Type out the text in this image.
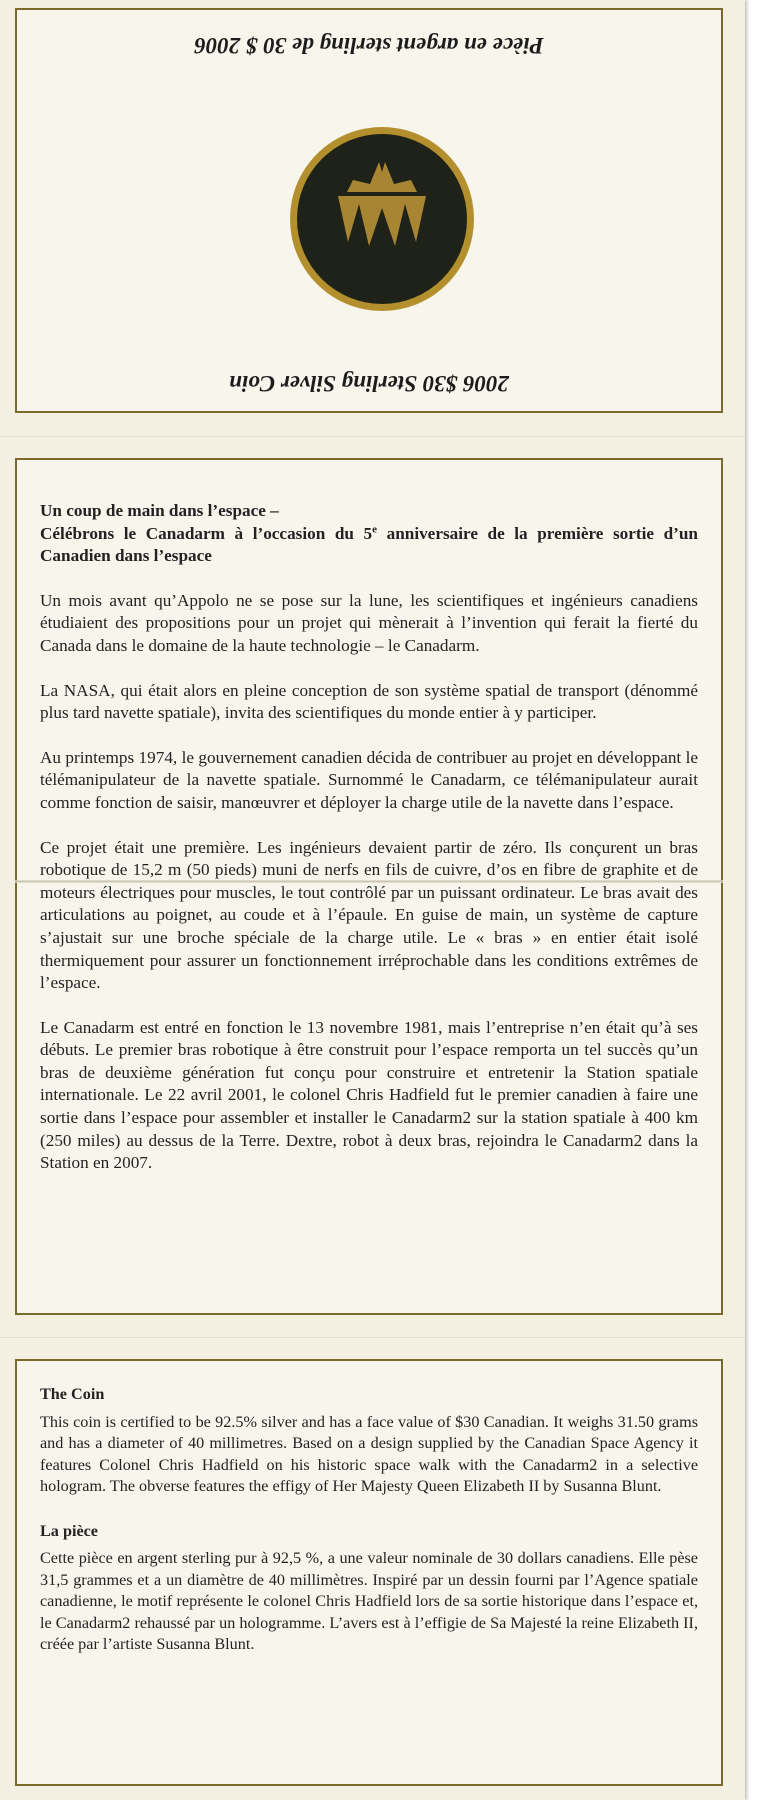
Pièce en argent sterling de 30 $ 2006
2006 $30 Sterling Silver Coin
Un coup de main dans l’espace –
Célébrons le Canadarm à l’occasion du 5e anniversaire de la première sortie d’un Canadien dans l’espace

Un mois avant qu’Appolo ne se pose sur la lune, les scientifiques et ingénieurs canadiens étudiaient des propositions pour un projet qui mènerait à l’invention qui ferait la fierté du Canada dans le domaine de la haute technologie – le Canadarm.

La NASA, qui était alors en pleine conception de son système spatial de transport (dénommé plus tard navette spatiale), invita des scientifiques du monde entier à y participer.

Au printemps 1974, le gouvernement canadien décida de contribuer au projet en développant le télémanipulateur de la navette spatiale. Surnommé le Canadarm, ce télémanipulateur aurait comme fonction de saisir, manœuvrer et déployer la charge utile de la navette dans l’espace.

Ce projet était une première. Les ingénieurs devaient partir de zéro. Ils conçurent un bras robotique de 15,2 m (50 pieds) muni de nerfs en fils de cuivre, d’os en fibre de graphite et de moteurs électriques pour muscles, le tout contrôlé par un puissant ordinateur. Le bras avait des articulations au poignet, au coude et à l’épaule. En guise de main, un système de capture s’ajustait sur une broche spéciale de la charge utile. Le « bras » en entier était isolé thermiquement pour assurer un fonctionnement irréprochable dans les conditions extrêmes de l’espace.

Le Canadarm est entré en fonction le 13 novembre 1981, mais l’entreprise n’en était qu’à ses débuts. Le premier bras robotique à être construit pour l’espace remporta un tel succès qu’un bras de deuxième génération fut conçu pour construire et entretenir la Station spatiale internationale. Le 22 avril 2001, le colonel Chris Hadfield fut le premier canadien à faire une sortie dans l’espace pour assembler et installer le Canadarm2 sur la station spatiale à 400 km (250 miles) au dessus de la Terre. Dextre, robot à deux bras, rejoindra le Canadarm2 dans la Station en 2007.

The Coin

This coin is certified to be 92.5% silver and has a face value of $30 Canadian. It weighs 31.50 grams and has a diameter of 40 millimetres. Based on a design supplied by the Canadian Space Agency it features Colonel Chris Hadfield on his historic space walk with the Canadarm2 in a selective hologram. The obverse features the effigy of Her Majesty Queen Elizabeth II by Susanna Blunt.

La pièce

Cette pièce en argent sterling pur à 92,5 %, a une valeur nominale de 30 dollars canadiens. Elle pèse 31,5 grammes et a un diamètre de 40 millimètres. Inspiré par un dessin fourni par l’Agence spatiale canadienne, le motif représente le colonel Chris Hadfield lors de sa sortie historique dans l’espace et, le Canadarm2 rehaussé par un hologramme. L’avers est à l’effigie de Sa Majesté la reine Elizabeth II, créée par l’artiste Susanna Blunt.
